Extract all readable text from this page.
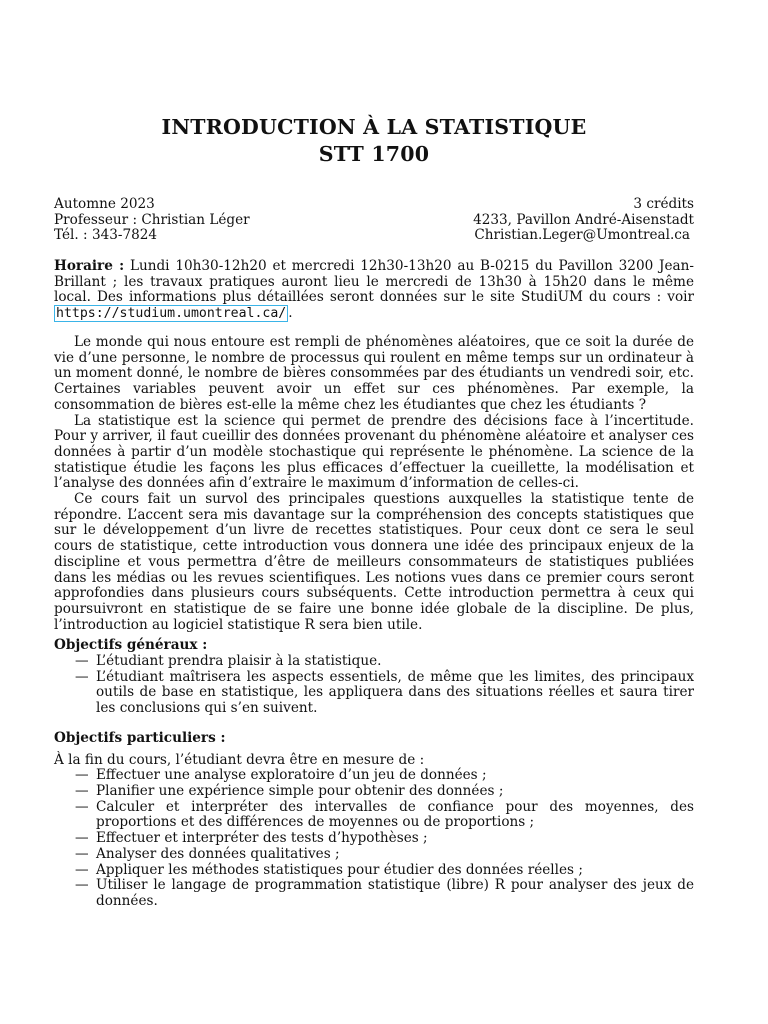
INTRODUCTION À LA STATISTIQUE
STT 1700
Automne 2023	3 crédits
Professeur : Christian Léger	4233, Pavillon André-Aisenstadt
Tél. : 343-7824	Christian.Leger@Umontreal.ca
Horaire : Lundi 10h30-12h20 et mercredi 12h30-13h20 au B-0215 du Pavillon 3200 Jean-Brillant ; les travaux pratiques auront lieu le mercredi de 13h30 à 15h20 dans le même local. Des informations plus détaillées seront données sur le site StudiUM du cours : voir https://studium.umontreal.ca/ .

Le monde qui nous entoure est rempli de phénomènes aléatoires, que ce soit la durée de vie d’une personne, le nombre de processus qui roulent en même temps sur un ordinateur à un moment donné, le nombre de bières consommées par des étudiants un vendredi soir, etc. Certaines variables peuvent avoir un effet sur ces phénomènes. Par exemple, la consommation de bières est-elle la même chez les étudiantes que chez les étudiants ?

La statistique est la science qui permet de prendre des décisions face à l’incertitude. Pour y arriver, il faut cueillir des données provenant du phénomène aléatoire et analyser ces données à partir d’un modèle stochastique qui représente le phénomène. La science de la statistique étudie les façons les plus efficaces d’effectuer la cueillette, la modélisation et l’analyse des données afin d’extraire le maximum d’information de celles-ci.

Ce cours fait un survol des principales questions auxquelles la statistique tente de répondre. L’accent sera mis davantage sur la compréhension des concepts statistiques que sur le développement d’un livre de recettes statistiques. Pour ceux dont ce sera le seul cours de statistique, cette introduction vous donnera une idée des principaux enjeux de la discipline et vous permettra d’être de meilleurs consommateurs de statistiques publiées dans les médias ou les revues scientifiques. Les notions vues dans ce premier cours seront approfondies dans plusieurs cours subséquents. Cette introduction permettra à ceux qui poursuivront en statistique de se faire une bonne idée globale de la discipline. De plus, l’introduction au logiciel statistique R sera bien utile.

Objectifs généraux :
— L’étudiant prendra plaisir à la statistique.
— L’étudiant maîtrisera les aspects essentiels, de même que les limites, des principaux outils de base en statistique, les appliquera dans des situations réelles et saura tirer les conclusions qui s’en suivent.
Objectifs particuliers :
À la fin du cours, l’étudiant devra être en mesure de :
— Effectuer une analyse exploratoire d’un jeu de données ;
— Planifier une expérience simple pour obtenir des données ;
— Calculer et interpréter des intervalles de confiance pour des moyennes, des proportions et des différences de moyennes ou de proportions ;
— Effectuer et interpréter des tests d’hypothèses ;
— Analyser des données qualitatives ;
— Appliquer les méthodes statistiques pour étudier des données réelles ;
— Utiliser le langage de programmation statistique (libre) R pour analyser des jeux de données.
